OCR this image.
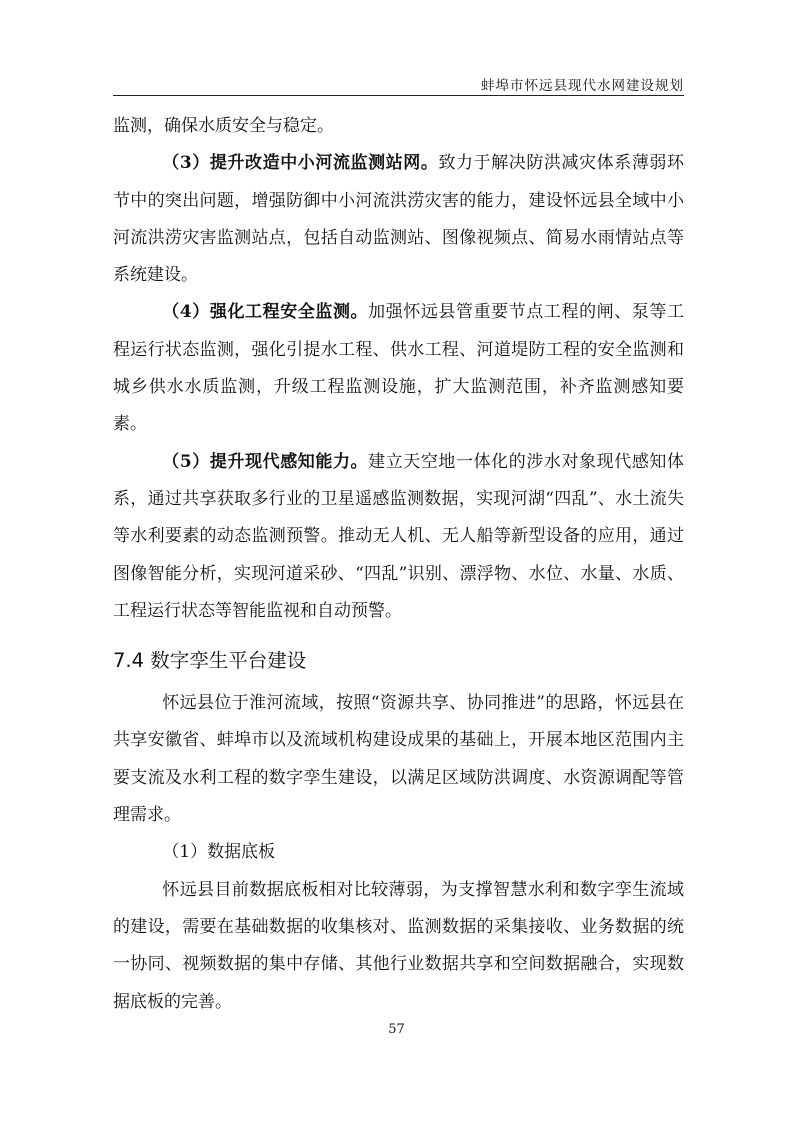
蚌埠市怀远县现代水网建设规划

监测，确保水质安全与稳定。

（3）提升改造中小河流监测站网。致力于解决防洪减灾体系薄弱环节中的突出问题，增强防御中小河流洪涝灾害的能力，建设怀远县全域中小河流洪涝灾害监测站点，包括自动监测站、图像视频点、简易水雨情站点等系统建设。

（4）强化工程安全监测。加强怀远县管重要节点工程的闸、泵等工程运行状态监测，强化引提水工程、供水工程、河道堤防工程的安全监测和城乡供水水质监测，升级工程监测设施，扩大监测范围，补齐监测感知要素。

（5）提升现代感知能力。建立天空地一体化的涉水对象现代感知体系，通过共享获取多行业的卫星遥感监测数据，实现河湖“四乱”、水土流失等水利要素的动态监测预警。推动无人机、无人船等新型设备的应用，通过图像智能分析，实现河道采砂、“四乱”识别、漂浮物、水位、水量、水质、工程运行状态等智能监视和自动预警。

7.4 数字孪生平台建设

怀远县位于淮河流域，按照“资源共享、协同推进”的思路，怀远县在共享安徽省、蚌埠市以及流域机构建设成果的基础上，开展本地区范围内主要支流及水利工程的数字孪生建设，以满足区域防洪调度、水资源调配等管理需求。

（1）数据底板

怀远县目前数据底板相对比较薄弱，为支撑智慧水利和数字孪生流域的建设，需要在基础数据的收集核对、监测数据的采集接收、业务数据的统一协同、视频数据的集中存储、其他行业数据共享和空间数据融合，实现数据底板的完善。

57
